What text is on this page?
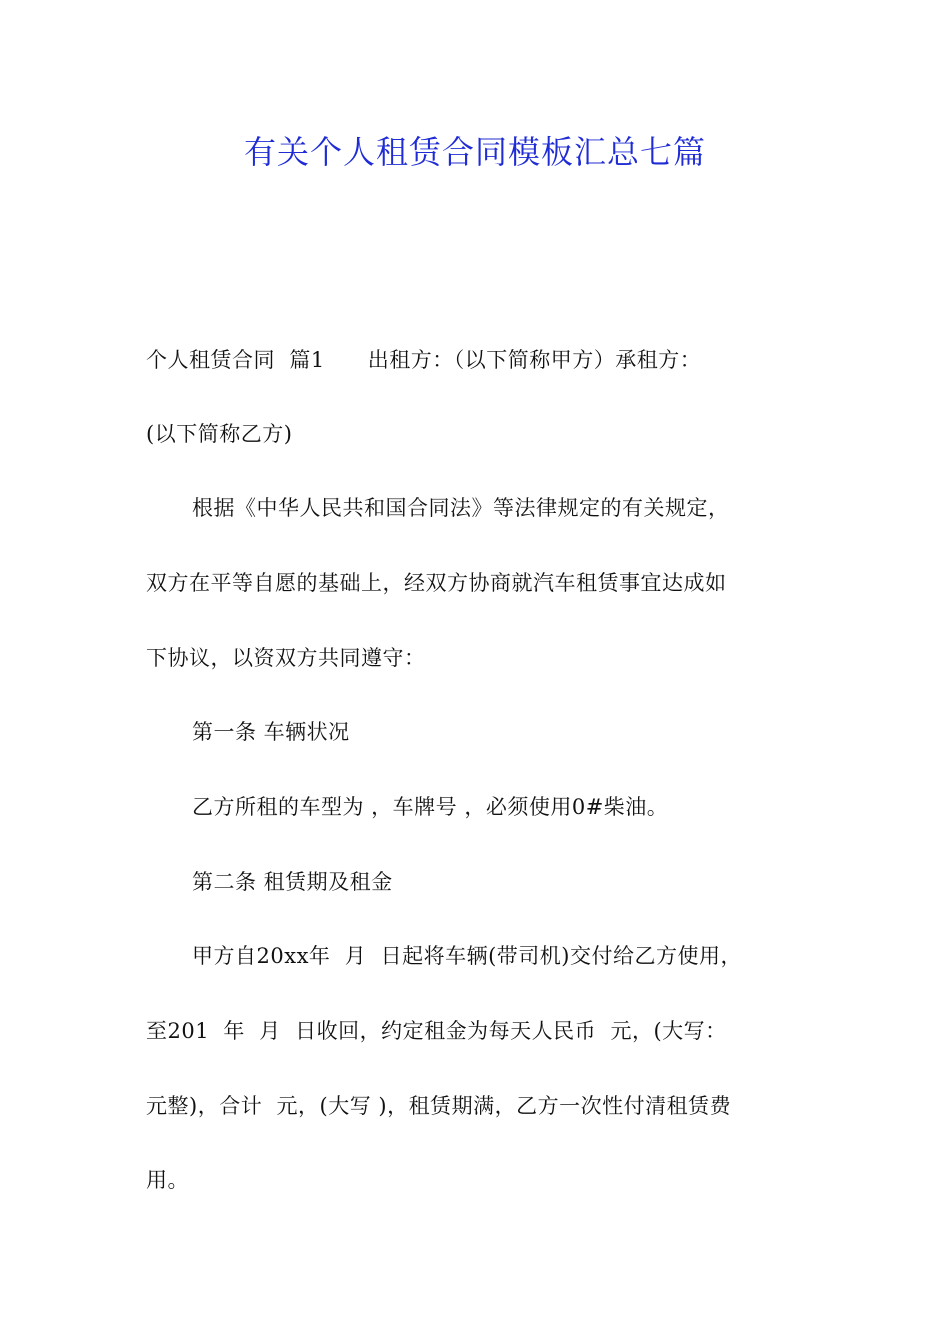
有关个人租赁合同模板汇总七篇

个人租赁合同  篇1      出租方：（以下简称甲方）承租方：

(以下简称乙方)

根据《中华人民共和国合同法》等法律规定的有关规定，

双方在平等自愿的基础上，经双方协商就汽车租赁事宜达成如

下协议，以资双方共同遵守：

第一条 车辆状况

乙方所租的车型为 ，车牌号 ，必须使用0#柴油。

第二条 租赁期及租金

甲方自20xx年  月  日起将车辆(带司机)交付给乙方使用，

至201  年  月  日收回，约定租金为每天人民币  元，(大写：

元整)，合计  元，(大写 )，租赁期满，乙方一次性付清租赁费

用。
